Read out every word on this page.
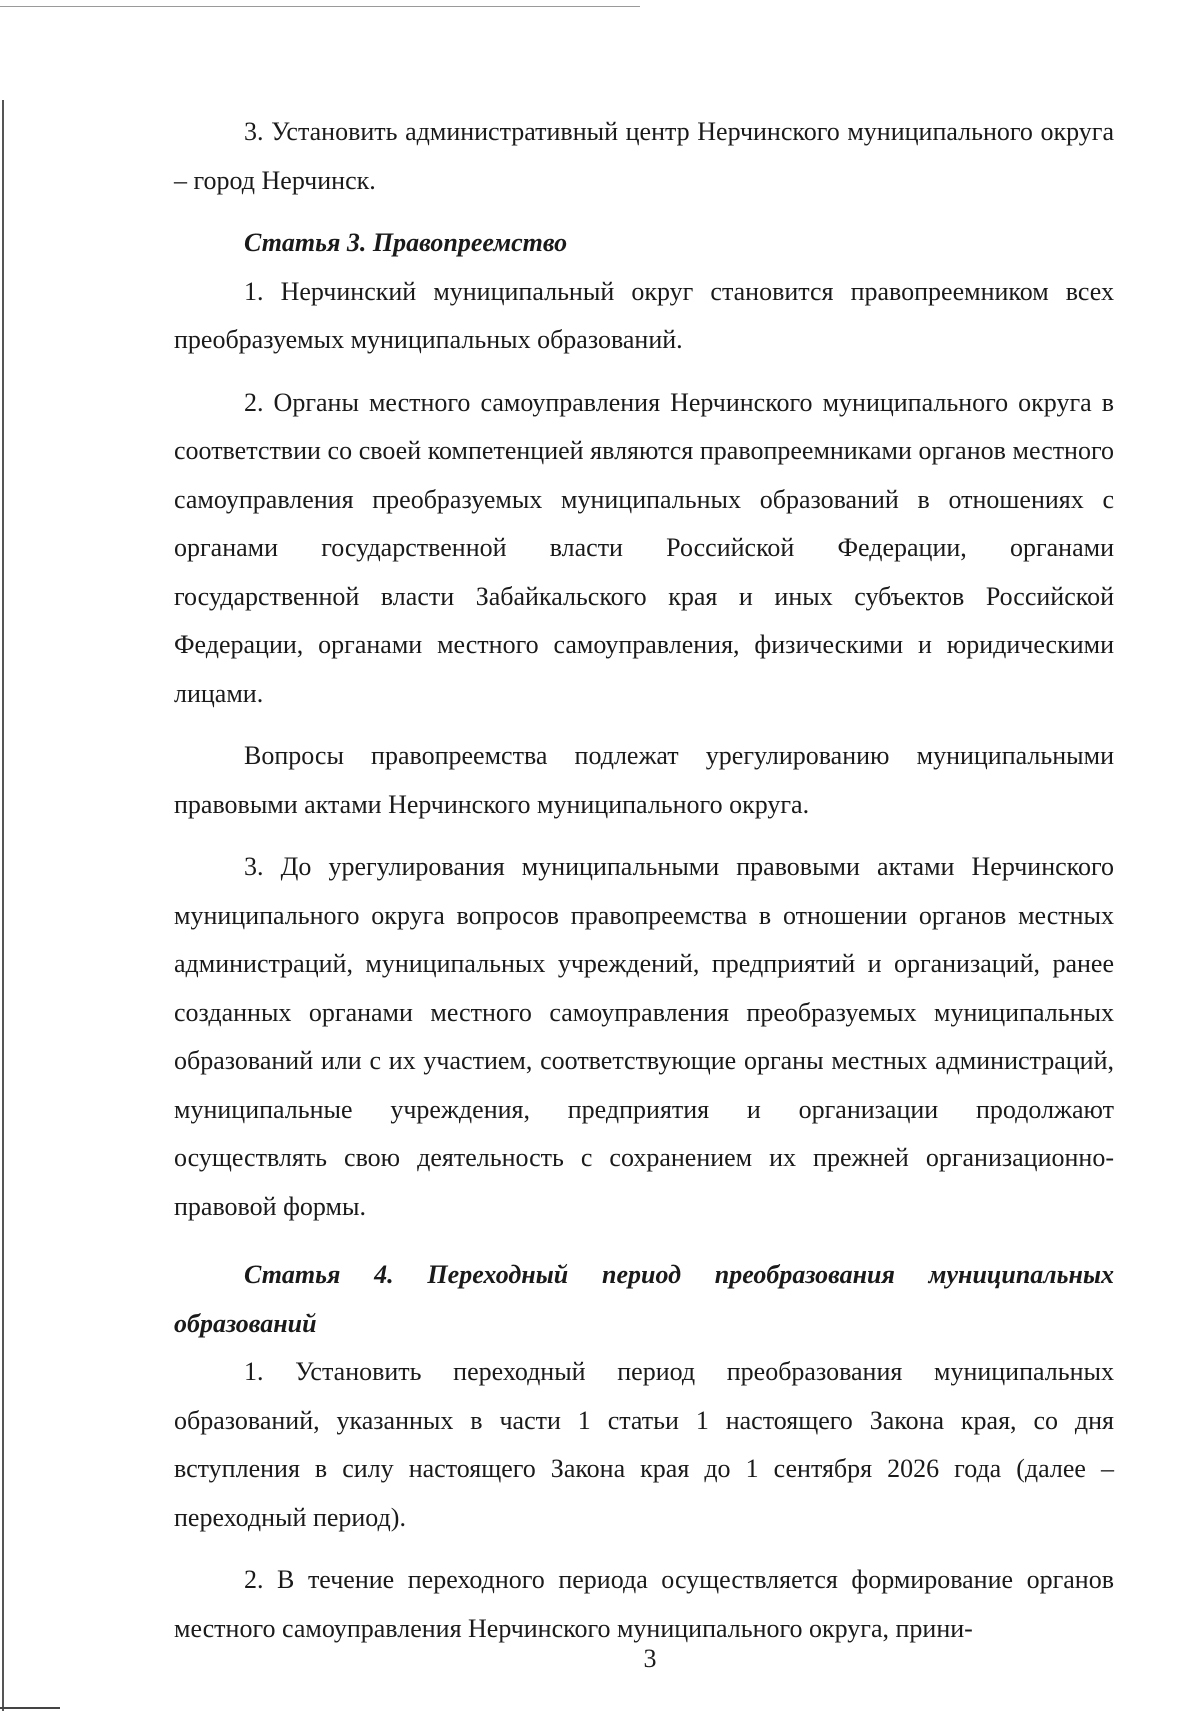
3. Установить административный центр Нерчинского муниципального округа – город Нерчинск.

Статья 3. Правопреемство

1. Нерчинский муниципальный округ становится правопреемником всех преобразуемых муниципальных образований.

2. Органы местного самоуправления Нерчинского муниципального округа в соответствии со своей компетенцией являются правопреемниками органов местного самоуправления преобразуемых муниципальных образований в отношениях с органами государственной власти Российской Федерации, органами государственной власти Забайкальского края и иных субъектов Российской Федерации, органами местного самоуправления, физическими и юридическими лицами.

Вопросы правопреемства подлежат урегулированию муниципальными правовыми актами Нерчинского муниципального округа.

3. До урегулирования муниципальными правовыми актами Нерчинского муниципального округа вопросов правопреемства в отношении органов местных администраций, муниципальных учреждений, предприятий и организаций, ранее созданных органами местного самоуправления преобразуемых муниципальных образований или с их участием, соответствующие органы местных администраций, муниципальные учреждения, предприятия и организации продолжают осуществлять свою деятельность с сохранением их прежней организационно-правовой формы.

Статья 4. Переходный период преобразования муниципальных образований

1. Установить переходный период преобразования муниципальных образований, указанных в части 1 статьи 1 настоящего Закона края, со дня вступления в силу настоящего Закона края до 1 сентября 2026 года (далее – переходный период).

2. В течение переходного периода осуществляется формирование органов местного самоуправления Нерчинского муниципального округа, прини-

3
